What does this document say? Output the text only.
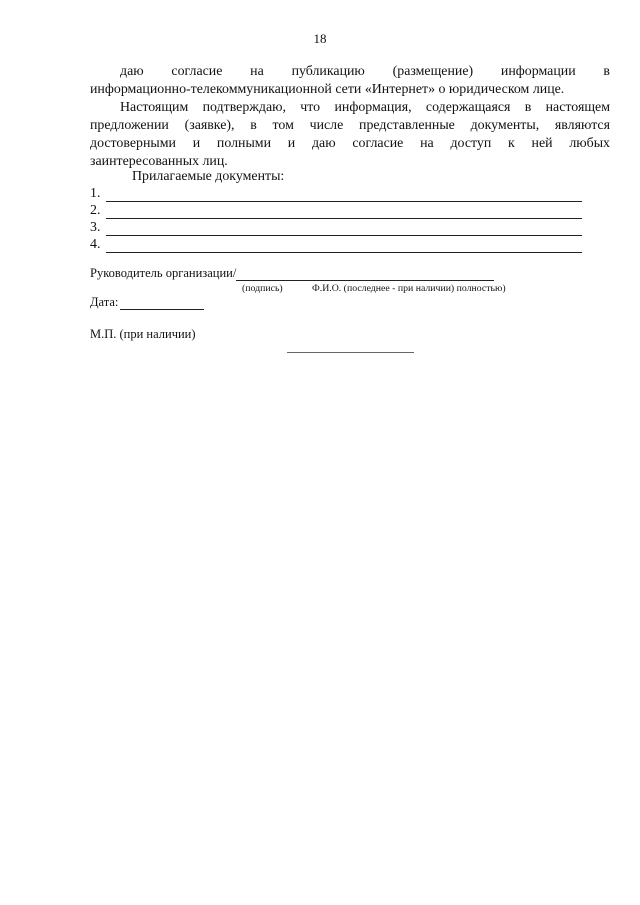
18
даю согласие на публикацию (размещение) информации в
информационно-телекоммуникационной сети «Интернет» о юридическом лице.
Настоящим подтверждаю, что информация, содержащаяся в настоящем
предложении (заявке), в том числе представленные документы, являются
достоверными и полными и даю согласие на доступ к ней любых
заинтересованных лиц.
Прилагаемые документы:
1.
2.
3.
4.
Руководитель организации/
(подпись)	Ф.И.О. (последнее - при наличии) полностью)
Дата:
М.П. (при наличии)
